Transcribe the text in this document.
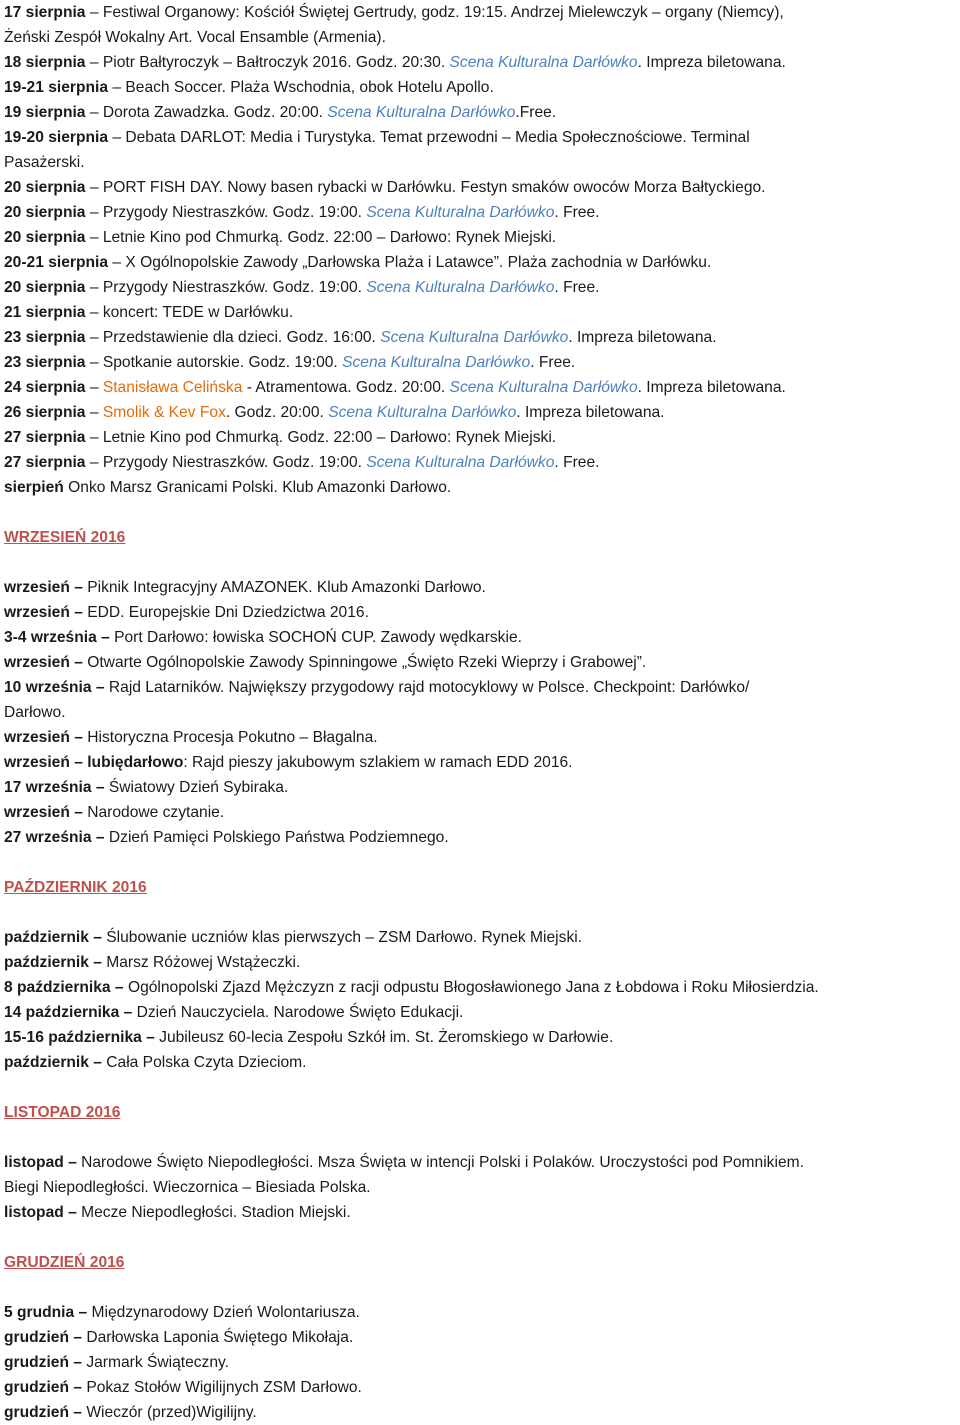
17 sierpnia – Festiwal Organowy: Kościół Świętej Gertrudy, godz. 19:15. Andrzej Mielewczyk – organy (Niemcy),
Żeński Zespół Wokalny Art. Vocal Ensamble (Armenia).
18 sierpnia – Piotr Bałtyroczyk – Bałtroczyk 2016. Godz. 20:30. Scena Kulturalna Darłówko. Impreza biletowana.
19-21 sierpnia – Beach Soccer. Plaża Wschodnia, obok Hotelu Apollo.
19 sierpnia – Dorota Zawadzka. Godz. 20:00. Scena Kulturalna Darłówko.Free.
19-20 sierpnia – Debata DARLOT: Media i Turystyka. Temat przewodni – Media Społecznościowe. Terminal
Pasażerski.
20 sierpnia – PORT FISH DAY. Nowy basen rybacki w Darłówku. Festyn smaków owoców Morza Bałtyckiego.
20 sierpnia – Przygody Niestraszków. Godz. 19:00. Scena Kulturalna Darłówko. Free.
20 sierpnia – Letnie Kino pod Chmurką. Godz. 22:00 – Darłowo: Rynek Miejski.
20-21 sierpnia – X Ogólnopolskie Zawody „Darłowska Plaża i Latawce”. Plaża zachodnia w Darłówku.
20 sierpnia – Przygody Niestraszków. Godz. 19:00. Scena Kulturalna Darłówko. Free.
21 sierpnia – koncert: TEDE w Darłówku.
23 sierpnia – Przedstawienie dla dzieci. Godz. 16:00. Scena Kulturalna Darłówko. Impreza biletowana.
23 sierpnia – Spotkanie autorskie. Godz. 19:00. Scena Kulturalna Darłówko. Free.
24 sierpnia – Stanisława Celińska - Atramentowa. Godz. 20:00. Scena Kulturalna Darłówko. Impreza biletowana.
26 sierpnia – Smolik & Kev Fox. Godz. 20:00. Scena Kulturalna Darłówko. Impreza biletowana.
27 sierpnia – Letnie Kino pod Chmurką. Godz. 22:00 – Darłowo: Rynek Miejski.
27 sierpnia – Przygody Niestraszków. Godz. 19:00. Scena Kulturalna Darłówko. Free.
sierpień Onko Marsz Granicami Polski. Klub Amazonki Darłowo.
WRZESIEŃ 2016
wrzesień – Piknik Integracyjny AMAZONEK. Klub Amazonki Darłowo.
wrzesień – EDD. Europejskie Dni Dziedzictwa 2016.
3-4 września – Port Darłowo: łowiska SOCHOŃ CUP. Zawody wędkarskie.
wrzesień – Otwarte Ogólnopolskie Zawody Spinningowe „Święto Rzeki Wieprzy i Grabowej”.
10 września – Rajd Latarników. Największy przygodowy rajd motocyklowy w Polsce. Checkpoint: Darłówko/
Darłowo.
wrzesień – Historyczna Procesja Pokutno – Błagalna.
wrzesień – lubiędarłowo: Rajd pieszy jakubowym szlakiem w ramach EDD 2016.
17 września – Światowy Dzień Sybiraka.
wrzesień – Narodowe czytanie.
27 września – Dzień Pamięci Polskiego Państwa Podziemnego.
PAŹDZIERNIK 2016
październik – Ślubowanie uczniów klas pierwszych – ZSM Darłowo. Rynek Miejski.
październik – Marsz Różowej Wstążeczki.
8 października – Ogólnopolski Zjazd Mężczyzn z racji odpustu Błogosławionego Jana z Łobdowa i Roku Miłosierdzia.
14 października – Dzień Nauczyciela. Narodowe Święto Edukacji.
15-16 października – Jubileusz 60-lecia Zespołu Szkół im. St. Żeromskiego w Darłowie.
październik – Cała Polska Czyta Dzieciom.
LISTOPAD 2016
listopad – Narodowe Święto Niepodległości. Msza Święta w intencji Polski i Polaków. Uroczystości pod Pomnikiem.
Biegi Niepodległości. Wieczornica – Biesiada Polska.
listopad – Mecze Niepodległości. Stadion Miejski.
GRUDZIEŃ 2016
5 grudnia – Międzynarodowy Dzień Wolontariusza.
grudzień – Darłowska Laponia Świętego Mikołaja.
grudzień – Jarmark Świąteczny.
grudzień – Pokaz Stołów Wigilijnych ZSM Darłowo.
grudzień – Wieczór (przed)Wigilijny.
